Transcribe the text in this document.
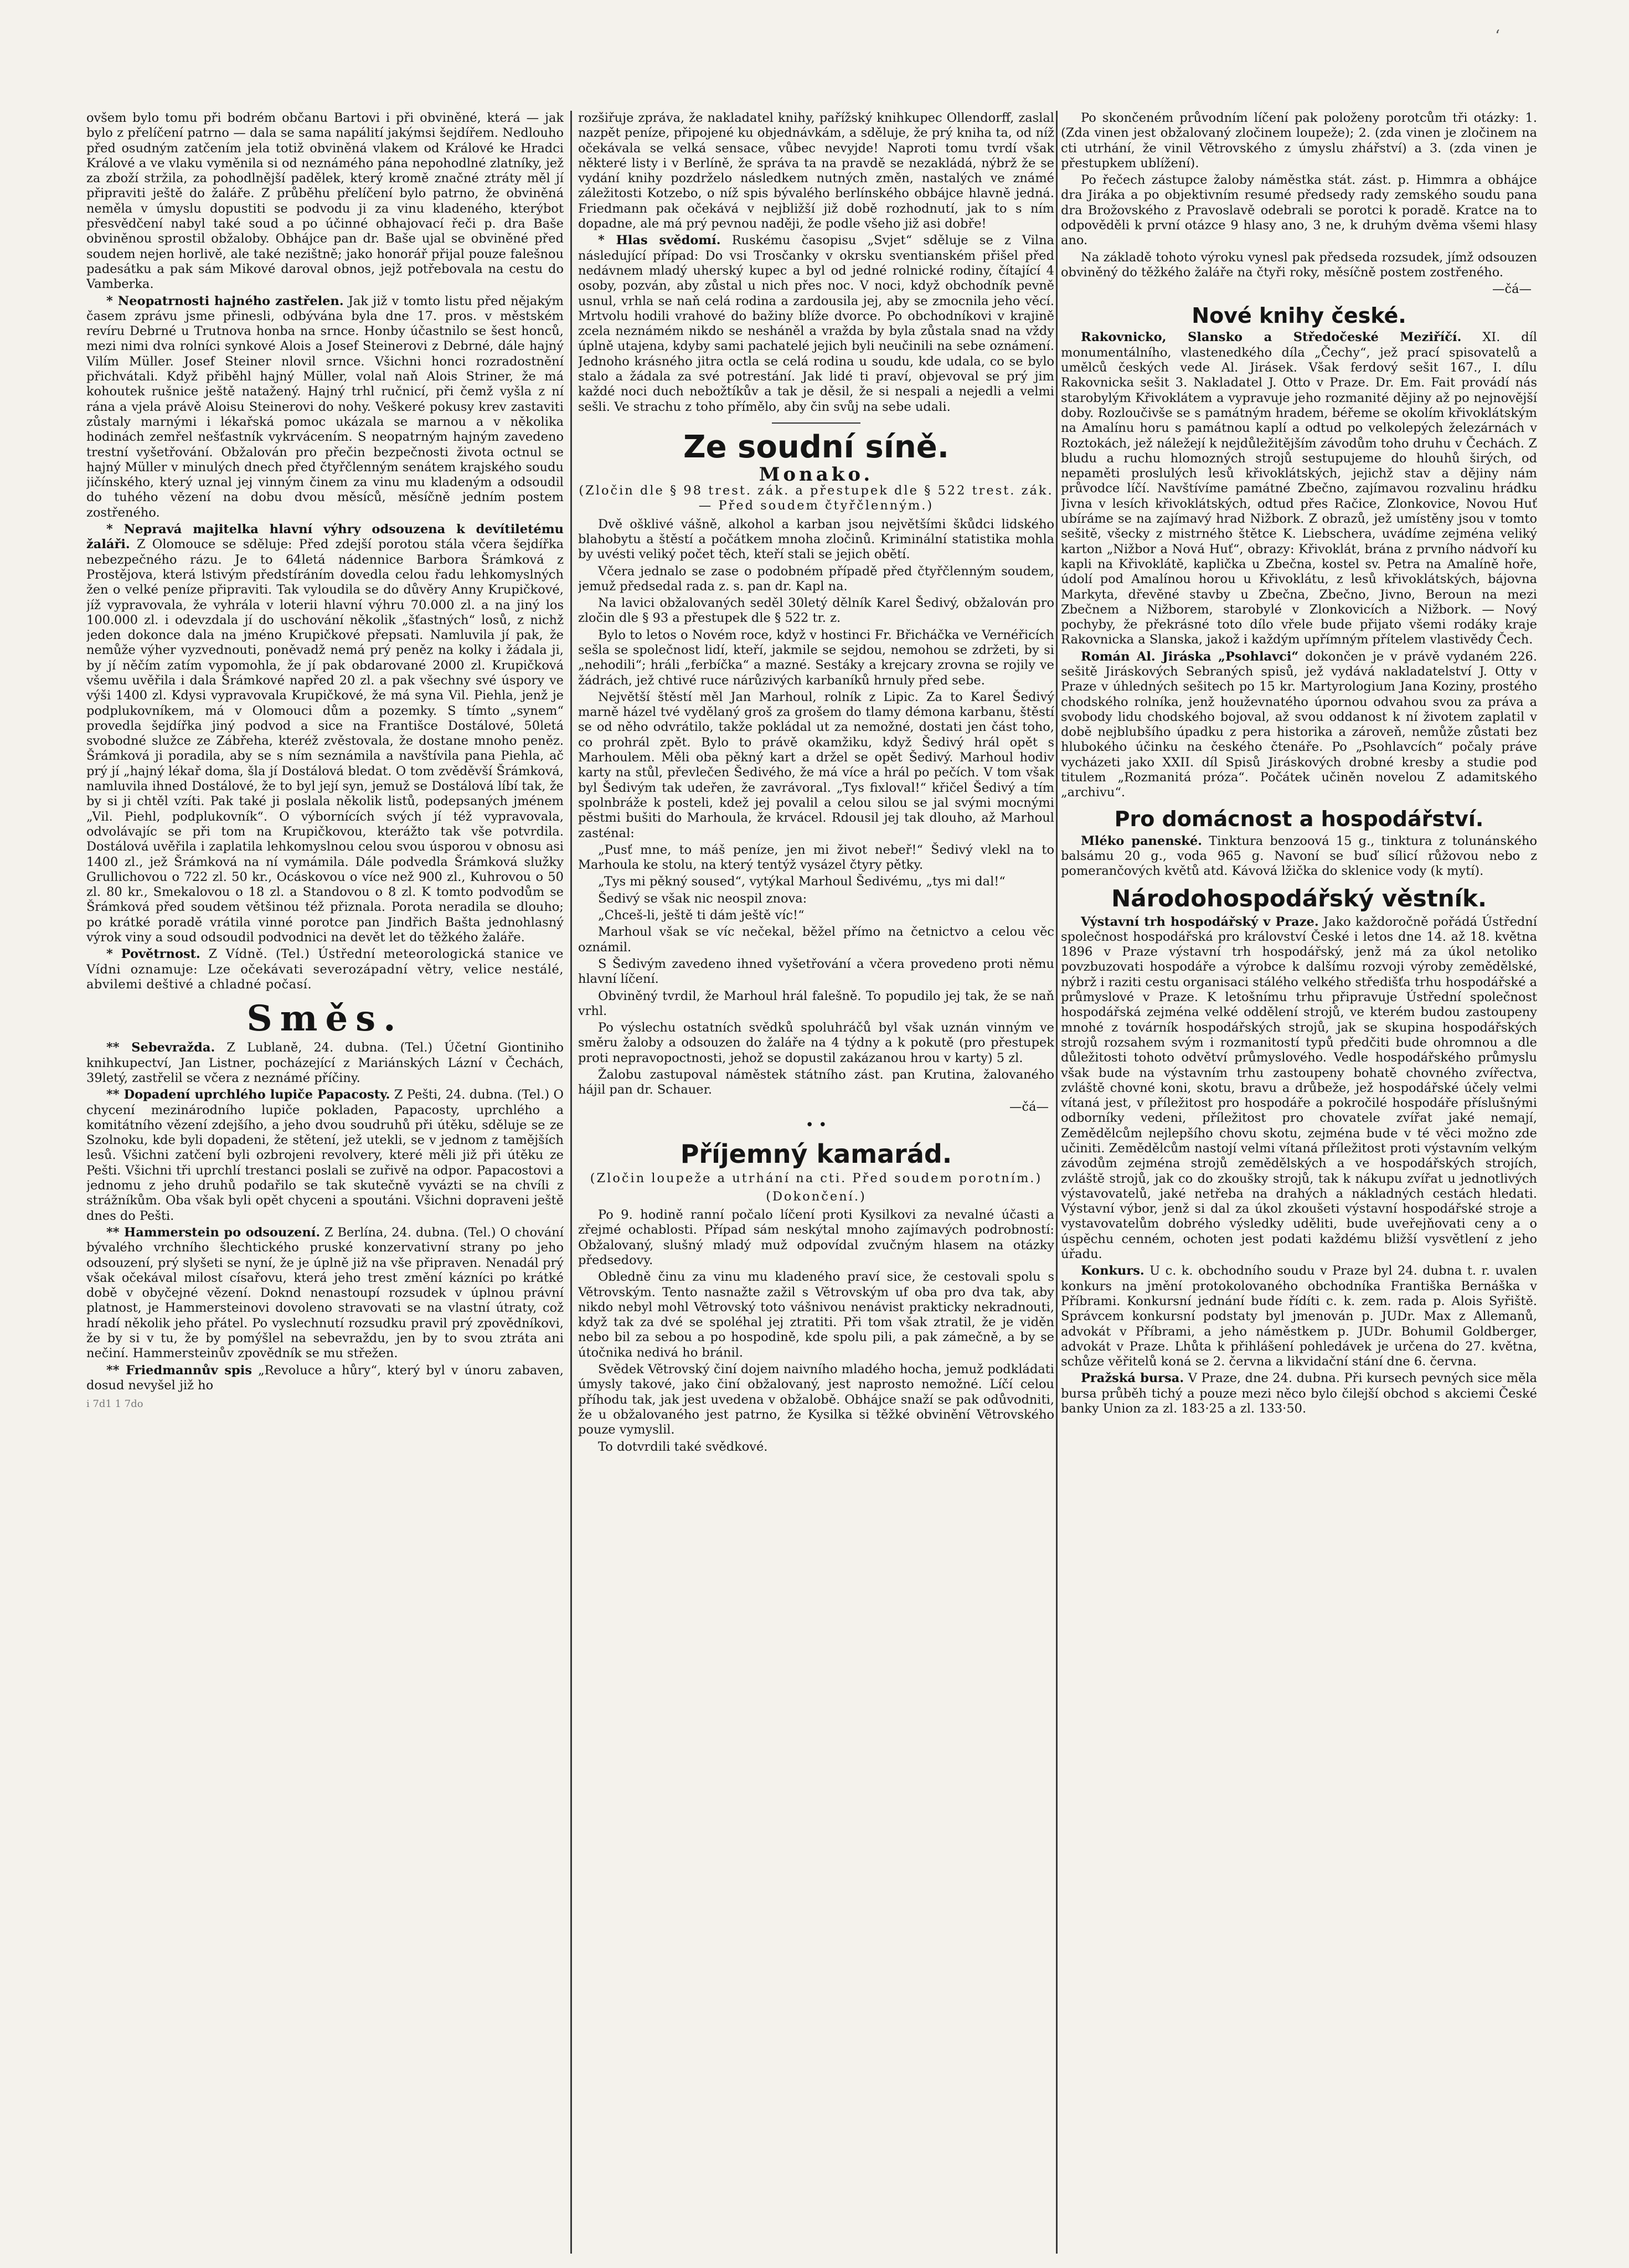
‘

ovšem bylo tomu při bodrém občanu Bartovi i při obviněné, která — jak bylo z přelíčení patrno — dala se sama napálití jakýmsi šejdířem. Nedlouho před osudným zatčením jela totiž obviněná vlakem od Králové ke Hradci Králové a ve vlaku vyměnila si od neznámého pána nepohodlné zlatníky, jež za zboží stržila, za pohodlnější padělek, který kromě značné ztráty měl jí připraviti ještě do žaláře. Z průběhu přelíčení bylo patrno, že obviněná neměla v úmyslu dopustiti se podvodu ji za vinu kladeného, kterýbot přesvědčení nabyl také soud a po účinné obhajovací řeči p. dra Baše obviněnou sprostil obžaloby. Obhájce pan dr. Baše ujal se obviněné před soudem nejen horlivě, ale také nezištně; jako honorář přijal pouze falešnou padesátku a pak sám Mikové daroval obnos, jejž potřebovala na cestu do Vamberka.

* Neopatrnosti hajného zastřelen. Jak již v tomto listu před nějakým časem zprávu jsme přinesli, odbývána byla dne 17. pros. v městském revíru Debrné u Trutnova honba na srnce. Honby účastnilo se šest honců, mezi nimi dva rolníci synkové Alois a Josef Steinerovi z Debrné, dále hajný Vilím Müller. Josef Steiner nlovil srnce. Všichni honci rozradostnění přichvátali. Když přiběhl hajný Müller, volal naň Alois Striner, že má kohoutek rušnice ještě natažený. Hajný trhl ručnicí, při čemž vyšla z ní rána a vjela právě Aloisu Steinerovi do nohy. Veškeré pokusy krev zastaviti zůstaly marnými i lékařská pomoc ukázala se marnou a v několika hodinách zemřel nešťastník vykrvácením. S neopatrným hajným zavedeno trestní vyšetřování. Obžalován pro přečin bezpečnosti života octnul se hajný Müller v minulých dnech před čtyřčlenným senátem krajského soudu jičínského, který uznal jej vinným činem za vinu mu kladeným a odsoudil do tuhého vězení na dobu dvou měsíců, měsíčně jedním postem zostřeného.

* Nepravá majitelka hlavní výhry odsouzena k devítiletému žaláři. Z Olomouce se sděluje: Před zdejší porotou stála včera šejdířka nebezpečného rázu. Je to 64letá nádennice Barbora Šrámková z Prostějova, která lstivým předstíráním dovedla celou řadu lehkomyslných žen o velké peníze připraviti. Tak vyloudila se do důvěry Anny Krupičkové, jíž vypravovala, že vyhrála v loterii hlavní výhru 70.000 zl. a na jiný los 100.000 zl. i odevzdala jí do uschování několik „šťastných“ losů, z nichž jeden dokonce dala na jméno Krupičkové přepsati. Namluvila jí pak, že nemůže výher vyzvednouti, poněvadž nemá prý peněz na kolky i žádala ji, by jí něčím zatím vypomohla, že jí pak obdarované 2000 zl. Krupičková všemu uvěřila i dala Šrámkové napřed 20 zl. a pak všechny své úspory ve výši 1400 zl. Kdysi vypravovala Krupičkové, že má syna Vil. Piehla, jenž je podplukovníkem, má v Olomouci dům a pozemky. S tímto „synem“ provedla šejdířka jiný podvod a sice na Františce Dostálové, 50letá svobodné služce ze Zábřeha, kteréž zvěstovala, že dostane mnoho peněz. Šrámková ji poradila, aby se s ním seznámila a navštívila pana Piehla, ač prý jí „hajný lékař doma, šla jí Dostálová bledat. O tom zvěděvší Šrámková, namluvila ihned Dostálové, že to byl její syn, jemuž se Dostálová líbí tak, že by si ji chtěl vzíti. Pak také ji poslala několik listů, podepsaných jménem „Vil. Piehl, podplukovník“. O výbornících svých jí též vypravovala, odvolávajíc se při tom na Krupičkovou, kterážto tak vše potvrdila. Dostálová uvěřila i zaplatila lehkomyslnou celou svou úsporou v obnosu asi 1400 zl., jež Šrámková na ní vymámila. Dále podvedla Šrámková služky Grullichovou o 722 zl. 50 kr., Ocáskovou o více než 900 zl., Kuhrovou o 50 zl. 80 kr., Smekalovou o 18 zl. a Standovou o 8 zl. K tomto podvodům se Šrámková před soudem většinou též přiznala. Porota neradila se dlouho; po krátké poradě vrátila vinné porotce pan Jindřich Bašta jednohlasný výrok viny a soud odsoudil podvodnici na devět let do těžkého žaláře.

* Povětrnost. Z Vídně. (Tel.) Ústřední meteorologická stanice ve Vídni oznamuje: Lze očekávati severozápadní větry, velice nestálé, abvilemi deštivé a chladné počasí.

Směs.

** Sebevražda. Z Lublaně, 24. dubna. (Tel.) Účetní Giontiniho knihkupectví, Jan Listner, pocházející z Mariánských Lázní v Čechách, 39letý, zastřelil se včera z neznámé příčiny.

** Dopadení uprchlého lupiče Papacosty. Z Pešti, 24. dubna. (Tel.) O chycení mezinárodního lupiče pokladen, Papacosty, uprchlého a komitátního vězení zdejšího, a jeho dvou soudruhů při útěku, sděluje se ze Szolnoku, kde byli dopadeni, že stětení, jež utekli, se v jednom z tamějších lesů. Všichni zatčení byli ozbrojeni revolvery, které měli již při útěku ze Pešti. Všichni tři uprchlí trestanci poslali se zuřivě na odpor. Papacostovi a jednomu z jeho druhů podařilo se tak skutečně vyvázti se na chvíli z strážníkům. Oba však byli opět chyceni a spoutáni. Všichni dopraveni ještě dnes do Pešti.

** Hammerstein po odsouzení. Z Berlína, 24. dubna. (Tel.) O chování bývalého vrchního šlechtického pruské konzervativní strany po jeho odsouzení, prý slyšeti se nyní, že je úplně již na vše připraven. Nenadál prý však očekával milost císařovu, která jeho trest změní kázníci po krátké době v obyčejné vězení. Doknd nenastoupí rozsudek v úplnou právní platnost, je Hammersteinovi dovoleno stravovati se na vlastní útraty, což hradí několik jeho přátel. Po vyslechnutí rozsudku pravil prý zpovědníkovi, že by si v tu, že by pomýšlel na sebevraždu, jen by to svou ztráta ani nečiní. Hammersteinův zpovědník se mu střežen.

** Friedmannův spis „Revoluce a hůry“, který byl v únoru zabaven, dosud nevyšel již ho

i 7d1 1 7do

rozšiřuje zpráva, že nakladatel knihy, pařížský knihkupec Ollendorff, zaslal nazpět peníze, připojené ku objednávkám, a sděluje, že prý kniha ta, od níž očekávala se velká sensace, vůbec nevyjde! Naproti tomu tvrdí však některé listy i v Berlíně, že správa ta na pravdě se nezakládá, nýbrž že se vydání knihy pozdrželo následkem nutných změn, nastalých ve známé záležitosti Kotzebo, o níž spis bývalého berlínského obbájce hlavně jedná. Friedmann pak očekává v nejbližší již době rozhodnutí, jak to s ním dopadne, ale má prý pevnou naději, že podle všeho již asi dobře!

* Hlas svědomí. Ruskému časopisu „Svjet“ sděluje se z Vilna následující případ: Do vsi Trosčanky v okrsku sventianském přišel před nedávnem mladý uherský kupec a byl od jedné rolnické rodiny, čítající 4 osoby, pozván, aby zůstal u nich přes noc. V noci, když obchodník pevně usnul, vrhla se naň celá rodina a zardousila jej, aby se zmocnila jeho věcí. Mrtvolu hodili vrahové do bažiny blíže dvorce. Po obchodníkovi v krajině zcela neznámém nikdo se nesháněl a vražda by byla zůstala snad na vždy úplně utajena, kdyby sami pachatelé jejich byli neučinili na sebe oznámení. Jednoho krásného jitra octla se celá rodina u soudu, kde udala, co se bylo stalo a žádala za své potrestání. Jak lidé ti praví, objevoval se prý jim každé noci duch nebožtíkův a tak je děsil, že si nespali a nejedli a velmi sešli. Ve strachu z toho přímělo, aby čin svůj na sebe udali.

Ze soudní síně.
Monako.
(Zločin dle § 98 trest. zák. a přestupek dle § 522 trest. zák. — Před soudem čtyřčlenným.)

Dvě ošklivé vášně, alkohol a karban jsou největšími škůdci lidského blahobytu a štěstí a počátkem mnoha zločinů. Kriminální statistika mohla by uvésti veliký počet těch, kteří stali se jejich obětí.

Včera jednalo se zase o podobném případě před čtyřčlenným soudem, jemuž předsedal rada z. s. pan dr. Kapl na.

Na lavici obžalovaných seděl 30letý dělník Karel Šedivý, obžalován pro zločin dle § 93 a přestupek dle § 522 tr. z.

Bylo to letos o Novém roce, když v hostinci Fr. Břicháčka ve Vernéřicích sešla se společnost lidí, kteří, jakmile se sejdou, nemohou se zdržeti, by si „nehodili“; hráli „ferbíčka“ a mazné. Sestáky a krejcary zrovna se rojily ve žádrách, jež chtivé ruce nárůzivých karbaníků hrnuly před sebe.

Největší štěstí měl Jan Marhoul, rolník z Lipic. Za to Karel Šedivý marně házel tvé vydělaný groš za grošem do tlamy démona karbanu, štěstí se od něho odvrátilo, takže pokládal ut za nemožné, dostati jen část toho, co prohrál zpět. Bylo to právě okamžiku, když Šedivý hrál opět s Marhoulem. Měli oba pěkný kart a držel se opět Šedivý. Marhoul hodiv karty na stůl, převlečen Šedivého, že má více a hrál po pečích. V tom však byl Šedivým tak udeřen, že zavrávoral. „Tys fixloval!“ křičel Šedivý a tím spolnbráže k posteli, kdež jej povalil a celou silou se jal svými mocnými pěstmi bušiti do Marhoula, že krvácel. Rdousil jej tak dlouho, až Marhoul zasténal:

„Pusť mne, to máš peníze, jen mi život nebeř!“ Šedivý vlekl na to Marhoula ke stolu, na který tentýž vysázel čtyry pětky.

„Tys mi pěkný soused“, vytýkal Marhoul Šedivému, „tys mi dal!“

Šedivý se však nic neospil znova:

„Chceš-li, ještě ti dám ještě víc!“

Marhoul však se víc nečekal, běžel přímo na četnictvo a celou věc oznámil.

S Šedivým zavedeno ihned vyšetřování a včera provedeno proti němu hlavní líčení.

Obviněný tvrdil, že Marhoul hrál falešně. To popudilo jej tak, že se naň vrhl.

Po výslechu ostatních svědků spoluhráčů byl však uznán vinným ve směru žaloby a odsouzen do žaláře na 4 týdny a k pokutě (pro přestupek proti nepravopoctnosti, jehož se dopustil zakázanou hrou v karty) 5 zl.

Žalobu zastupoval náměstek státního zást. pan Krutina, žalovaného hájil pan dr. Schauer.

—čá—
• •
Příjemný kamarád.
(Zločin loupeže a utrhání na cti. Před soudem porotním.)
(Dokončení.)

Po 9. hodině ranní počalo líčení proti Kysilkovi za nevalné účasti a zřejmé ochablosti. Případ sám neskýtal mnoho zajímavých podrobností: Obžalovaný, slušný mladý muž odpovídal zvučným hlasem na otázky předsedovy.

Obledně činu za vinu mu kladeného praví sice, že cestovali spolu s Větrovským. Tento nasnažte zažil s Větrovským uf oba pro dva tak, aby nikdo nebyl mohl Větrovský toto vášnivou nenávist prakticky nekradnouti, když tak za dvé se spoléhal jej ztratiti. Při tom však ztratil, že je viděn nebo bil za sebou a po hospodině, kde spolu pili, a pak zámečně, a by se útočnika nedivá ho bránil.

Svědek Větrovský činí dojem naivního mladého hocha, jemuž podkládati úmysly takové, jako činí obžalovaný, jest naprosto nemožné. Líčí celou příhodu tak, jak jest uvedena v obžalobě. Obhájce snaží se pak odůvodniti, že u obžalovaného jest patrno, že Kysilka si těžké obvinění Větrovského pouze vymyslil.

To dotvrdili také svědkové.

Po skončeném průvodním líčení pak položeny porotcům tři otázky: 1. (Zda vinen jest obžalovaný zločinem loupeže); 2. (zda vinen je zločinem na cti utrhání, že vinil Větrovského z úmyslu zhářství) a 3. (zda vinen je přestupkem ublížení).

Po řečech zástupce žaloby náměstka stát. zást. p. Himmra a obhájce dra Jiráka a po objektivním resumé předsedy rady zemského soudu pana dra Brožovského z Pravoslavě odebrali se porotci k poradě. Kratce na to odpověděli k první otázce 9 hlasy ano, 3 ne, k druhým dvěma všemi hlasy ano.

Na základě tohoto výroku vynesl pak předseda rozsudek, jímž odsouzen obviněný do těžkého žaláře na čtyři roky, měsíčně postem zostřeného.

—čá—
Nové knihy české.

Rakovnicko, Slansko a Středočeské Meziříčí. XI. díl monumentálního, vlastenedkého díla „Čechy“, jež prací spisovatelů a umělců českých vede Al. Jirásek. Však ferdový sešit 167., I. dílu Rakovnicka sešit 3. Nakladatel J. Otto v Praze. Dr. Em. Fait provádí nás starobylým Křivoklátem a vypravuje jeho rozmanité dějiny až po nejnovější doby. Rozloučivše se s památným hradem, béřeme se okolím křivoklátským na Amalínu horu s památnou kaplí a odtud po velkolepých železárnách v Roztokách, jež náležejí k nejdůležitějším závodům toho druhu v Čechách. Z bludu a ruchu hlomozných strojů sestupujeme do hlouhů širých, od nepaměti proslulých lesů křivoklátských, jejichž stav a dějiny nám průvodce líčí. Navštívíme památné Zbečno, zajímavou rozvalinu hrádku Jivna v lesích křivoklátských, odtud přes Račice, Zlonkovice, Novou Huť ubíráme se na zajímavý hrad Nižbork. Z obrazů, jež umístěny jsou v tomto sešitě, všecky z mistrného štětce K. Liebschera, uvádíme zejména veliký karton „Nižbor a Nová Huť“, obrazy: Křivoklát, brána z prvního nádvoří ku kapli na Křivoklátě, kaplička u Zbečna, kostel sv. Petra na Amalíně hoře, údolí pod Amalínou horou u Křivoklátu, z lesů křivoklátských, bájovna Markyta, dřevěné stavby u Zbečna, Zbečno, Jivno, Beroun na mezi Zbečnem a Nižborem, starobylé v Zlonkovicích a Nižbork. — Nový pochyby, že překrásné toto dílo vřele bude přijato všemi rodáky kraje Rakovnicka a Slanska, jakož i každým upřímným přítelem vlastivědy Čech.

Román Al. Jiráska „Psohlavci“ dokončen je v právě vydaném 226. sešitě Jiráskových Sebraných spisů, jež vydává nakladatelství J. Otty v Praze v úhledných sešitech po 15 kr. Martyrologium Jana Koziny, prostého chodského rolníka, jenž houževnatého úpornou odvahou svou za práva a svobody lidu chodského bojoval, až svou oddanost k ní životem zaplatil v době nejblubšího úpadku z pera historika a zároveň, nemůže zůstati bez hlubokého účinku na českého čtenáře. Po „Psohlavcích“ počaly práve vycházeti jako XXII. díl Spisů Jiráskových drobné kresby a studie pod titulem „Rozmanitá próza“. Počátek učiněn novelou Z adamitského „archivu“.

Pro domácnost a hospodářství.

Mléko panenské. Tinktura benzoová 15 g., tinktura z tolunánského balsámu 20 g., voda 965 g. Navoní se buď sílicí růžovou nebo z pomerančových květů atd. Kávová lžička do sklenice vody (k mytí).

Národohospodářský věstník.

Výstavní trh hospodářský v Praze. Jako každoročně pořádá Ústřední společnost hospodářská pro království České i letos dne 14. až 18. května 1896 v Praze výstavní trh hospodářský, jenž má za úkol netoliko povzbuzovati hospodáře a výrobce k dalšímu rozvoji výroby zemědělské, nýbrž i raziti cestu organisaci stálého velkého středišťa trhu hospodářské a průmyslové v Praze. K letošnímu trhu připravuje Ústřední společnost hospodářská zejména velké oddělení strojů, ve kterém budou zastoupeny mnohé z továrník hospodářských strojů, jak se skupina hospodářských strojů rozsahem svým i rozmanitostí typů předčiti bude ohromnou a dle důležitosti tohoto odvětví průmyslového. Vedle hospodářského průmyslu však bude na výstavním trhu zastoupeny bohatě chovného zvířectva, zvláště chovné koni, skotu, bravu a drůbeže, jež hospodářské účely velmi vítaná jest, v příležitost pro hospodáře a pokročilé hospodáře příslušnými odborníky vedeni, příležitost pro chovatele zvířat jaké nemají, Zemědělcům nejlepšího chovu skotu, zejména bude v té věci možno zde učiniti. Zemědělcům nastojí velmi vítaná příležitost proti výstavním velkým závodům zejména strojů zemědělských a ve hospodářských strojích, zvláště strojů, jak co do zkoušky strojů, tak k nákupu zvířat u jednotlivých výstavovatelů, jaké netřeba na drahých a nákladných cestách hledati. Výstavní výbor, jenž si dal za úkol zkoušeti výstavní hospodářské stroje a vystavovatelům dobrého výsledky uděliti, bude uveřejňovati ceny a o úspěchu cenném, ochoten jest podati každému bližší vysvětlení z jeho úřadu.

Konkurs. U c. k. obchodního soudu v Praze byl 24. dubna t. r. uvalen konkurs na jmění protokolovaného obchodníka Františka Bernáška v Příbrami. Konkursní jednání bude řídíti c. k. zem. rada p. Alois Syřiště. Správcem konkursní podstaty byl jmenován p. JUDr. Max z Allemanů, advokát v Příbrami, a jeho náměstkem p. JUDr. Bohumil Goldberger, advokát v Praze. Lhůta k přihlášení pohledávek je určena do 27. května, schůze věřitelů koná se 2. června a likvidační stání dne 6. června.

Pražská bursa. V Praze, dne 24. dubna. Při kursech pevných sice měla bursa průběh tichý a pouze mezi něco bylo čilejší obchod s akciemi České banky Union za zl. 183·25 a zl. 133·50.
